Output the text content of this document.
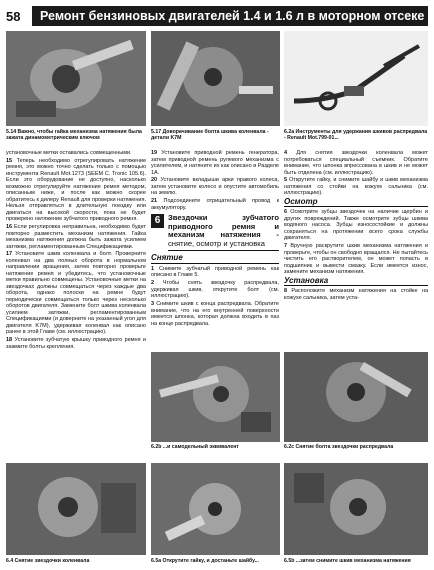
58	Ремонт бензиновых двигателей 1.4 и 1.6 л в моторном отсеке
5.14 Важно, чтобы гайка механизма натяжения была зажата динамометрическим ключом
5.17 Доворачивание болта шкива коленвала - детали K7M
6.2a Инструменты для удержания шкивов распредвала - Renault Mot.799-01...

установочные метки оставались совмещенными.

15 Теперь необходимо отрегулировать натяжение ремня, это можно точно сделать только с помощью инструмента Renault Mot.1273 (SEEM C. Tronic 105.6). Если это оборудование не доступно, насколько возможно отрегулируйте натяжение ремня методом, описанным ниже, и после как можно скорее обратитесь к дилеру Renault для проверки натяжения. Нельзя отправляться в длительную поездку или двигаться на высокой скорости, пока не будет проверено натяжение зубчатого приводного ремня.

16 Если регулировка неправильна, необходимо будет повторно разместить механизм натяжения. Гайка механизма натяжения должна быть зажата усилием затяжки, регламентированным Спецификациями.

17 Установите шкив коленвала и болт. Проверните коленвал на два полных оборота в нормальном направлении вращения, затем повторно проверьте натяжение ремня и убедитесь, что установочные метки правильно совмещены. Установочные метки на звездочках должны совмещаться через каждые два оборота, однако полоски на ремне будут периодически совмещаться только через несколько оборотов двигателя. Замените болт шкива коленвала усилием затяжки, регламентированным Спецификациями (и доверните на указанный угол для двигателя K7M), удерживая коленвал как описано ранее в этой Главе (см. иллюстрацию).

18 Установите зубчатую крышку приводного ремня и зажмите болты крепления.

19 Установите приводной ремень генератора, затем приводной ремень рулевого механизма с усилителем, и натяните их как описано в Разделе 1А.

20 Установите вкладыши арки правого колеса, затем установите колесо и опустите автомобиль на землю.

21 Подсоедините отрицательный провод к аккумулятору.

6	Звездочки зубчатого приводного ремня и механизм натяжения - снятие, осмотр и установка
Снятие

1 Снимите зубчатый приводной ремень как описано в Главе 5.

2 Чтобы снять звездочку распредвала, удерживая шкив, открутите болт (см. иллюстрацию).

3 Снимите шкив с конца распредвала. Обратите внимание, что на его внутренней поверхности имеется шпонка, которая должна входить в паз на конце распредвала.

4 Для снятия звездочки коленвала может потребоваться специальный съемник. Обратите внимание, что шпонка впрессована в шкив и не может быть отделена (см. иллюстрацию).

5 Открутите гайку, и снимите шайбу и шкив механизма натяжения со стойки на кожухе сальника (см. иллюстрацию).

Осмотр

6 Осмотрите зубцы звездочек на наличие щербин и других повреждений. Также осмотрите зубцы шкива водяного насоса. Зубцы износостойкие и должны сохраняться на протяжении всего срока службы двигателя.

7 Вручную раскрутите шкив механизма натяжения и проверьте, чтобы он свободно вращался. Не пытайтесь чистить его растворителем, он может попасть в подшипник и вывести смазку. Если имеется износ, замените механизм натяжения.

Установка

8 Расположите механизм натяжения на стойке на кожухе сальника, затем уста-

6.2b ...и самодельный эквивалент	6.2c Снятие болта звездочки распредвала
6.4 Снятие звездочки коленвала	6.5a Открутите гайку, и достаньте шайбу...	6.5b ...затем снимите шкив механизма натяжения
